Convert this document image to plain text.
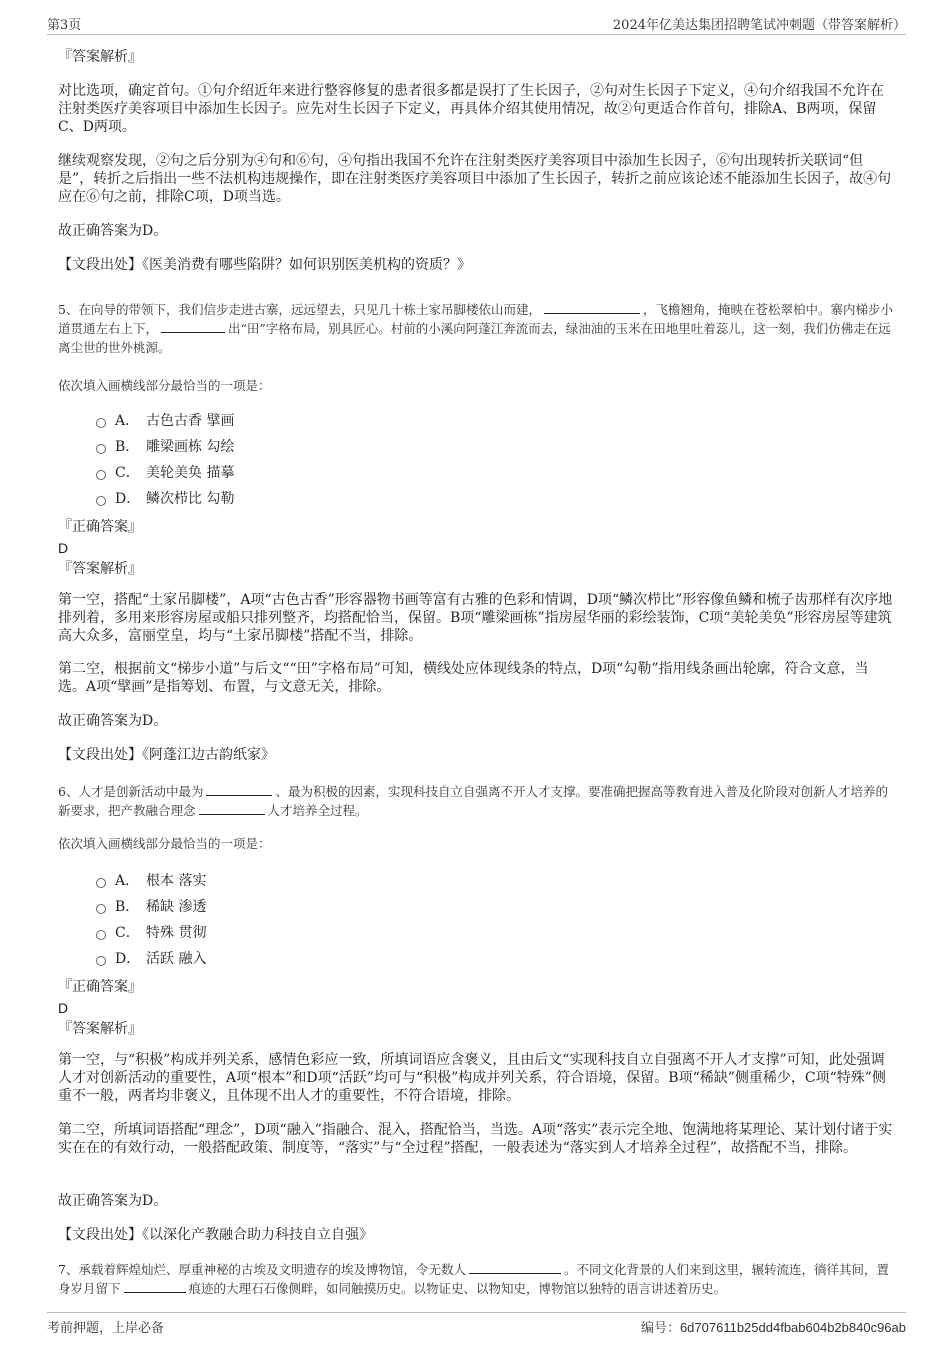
第3页	2024年亿美达集团招聘笔试冲刺题（带答案解析）

『答案解析』

对比选项，确定首句。①句介绍近年来进行整容修复的患者很多都是误打了生长因子，②句对生长因子下定义，④句介绍我国不允许在注射类医疗美容项目中添加生长因子。应先对生长因子下定义，再具体介绍其使用情况，故②句更适合作首句，排除A、B两项，保留C、D两项。

继续观察发现，②句之后分别为④句和⑥句，④句指出我国不允许在注射类医疗美容项目中添加生长因子，⑥句出现转折关联词“但是”，转折之后指出一些不法机构违规操作，即在注射类医疗美容项目中添加了生长因子，转折之前应该论述不能添加生长因子，故④句应在⑥句之前，排除C项，D项当选。

故正确答案为D。

【文段出处】《医美消费有哪些陷阱？如何识别医美机构的资质？》

5、在向导的带领下，我们信步走进古寨，远远望去，只见几十栋土家吊脚楼依山而建，	，飞檐翘角，掩映在苍松翠柏中。寨内梯步小道贯通左右上下，	出“田”字格布局，别具匠心。村前的小溪向阿蓬江奔流而去，绿油油的玉米在田地里吐着蕊儿，这一刻，我们仿佛走在远离尘世的世外桃源。

依次填入画横线部分最恰当的一项是：

A． 古色古香 擘画
B． 雕梁画栋 勾绘
C． 美轮美奂 描摹
D． 鳞次栉比 勾勒

『正确答案』

D

『答案解析』

第一空，搭配“土家吊脚楼”，A项“古色古香”形容器物书画等富有古雅的色彩和情调，D项“鳞次栉比”形容像鱼鳞和梳子齿那样有次序地排列着，多用来形容房屋或船只排列整齐，均搭配恰当，保留。B项“雕梁画栋”指房屋华丽的彩绘装饰，C项“美轮美奂”形容房屋等建筑高大众多，富丽堂皇，均与“土家吊脚楼”搭配不当，排除。

第二空，根据前文“梯步小道”与后文““田”字格布局”可知，横线处应体现线条的特点，D项“勾勒”指用线条画出轮廓，符合文意，当选。A项“擘画”是指筹划、布置，与文意无关，排除。

故正确答案为D。

【文段出处】《阿蓬江边古韵纸家》

6、人才是创新活动中最为	、最为积极的因素，实现科技自立自强离不开人才支撑。要准确把握高等教育进入普及化阶段对创新人才培养的新要求，把产教融合理念	人才培养全过程。

依次填入画横线部分最恰当的一项是：

A． 根本 落实
B． 稀缺 渗透
C． 特殊 贯彻
D． 活跃 融入

『正确答案』

D

『答案解析』

第一空，与“积极”构成并列关系，感情色彩应一致，所填词语应含褒义，且由后文“实现科技自立自强离不开人才支撑”可知，此处强调人才对创新活动的重要性，A项“根本”和D项“活跃”均可与“积极”构成并列关系，符合语境，保留。B项“稀缺”侧重稀少，C项“特殊”侧重不一般，两者均非褒义，且体现不出人才的重要性，不符合语境，排除。

第二空，所填词语搭配“理念”，D项“融入”指融合、混入，搭配恰当，当选。A项“落实”表示完全地、饱满地将某理论、某计划付诸于实实在在的有效行动，一般搭配政策、制度等，“落实”与“全过程”搭配，一般表述为“落实到人才培养全过程”，故搭配不当，排除。

故正确答案为D。

【文段出处】《以深化产教融合助力科技自立自强》

7、承载着辉煌灿烂、厚重神秘的古埃及文明遗存的埃及博物馆，令无数人	。不同文化背景的人们来到这里，辗转流连，徜徉其间，置身岁月留下	痕迹的大理石石像侧畔，如同触摸历史。以物证史、以物知史，博物馆以独特的语言讲述着历史。

考前押题，上岸必备	编号：6d707611b25dd4fbab604b2b840c96ab
